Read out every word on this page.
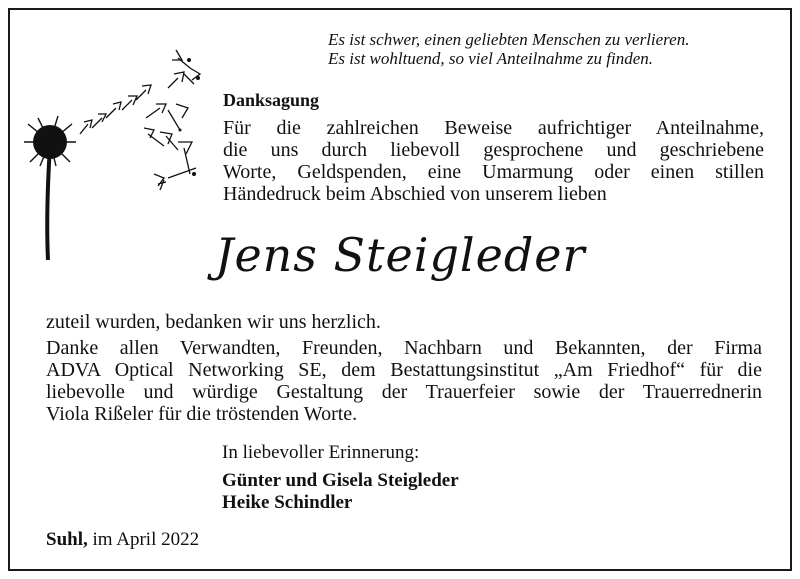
Es ist schwer, einen geliebten Menschen zu verlieren.
Es ist wohltuend, so viel Anteilnahme zu finden.
Danksagung
Für die zahlreichen Beweise aufrichtiger Anteilnahme,
die uns durch liebevoll gesprochene und geschriebene
Worte, Geldspenden, eine Umarmung oder einen stillen
Händedruck beim Abschied von unserem lieben
Jens Steigleder
zuteil wurden, bedanken wir uns herzlich.
Danke allen Verwandten, Freunden, Nachbarn und Bekannten, der Firma
ADVA Optical Networking SE, dem Bestattungsinstitut „Am Friedhof“ für die
liebevolle und würdige Gestaltung der Trauerfeier sowie der Trauerrednerin
Viola Rißeler für die tröstenden Worte.
In liebevoller Erinnerung:
Günter und Gisela Steigleder
Heike Schindler
Suhl, im April 2022
